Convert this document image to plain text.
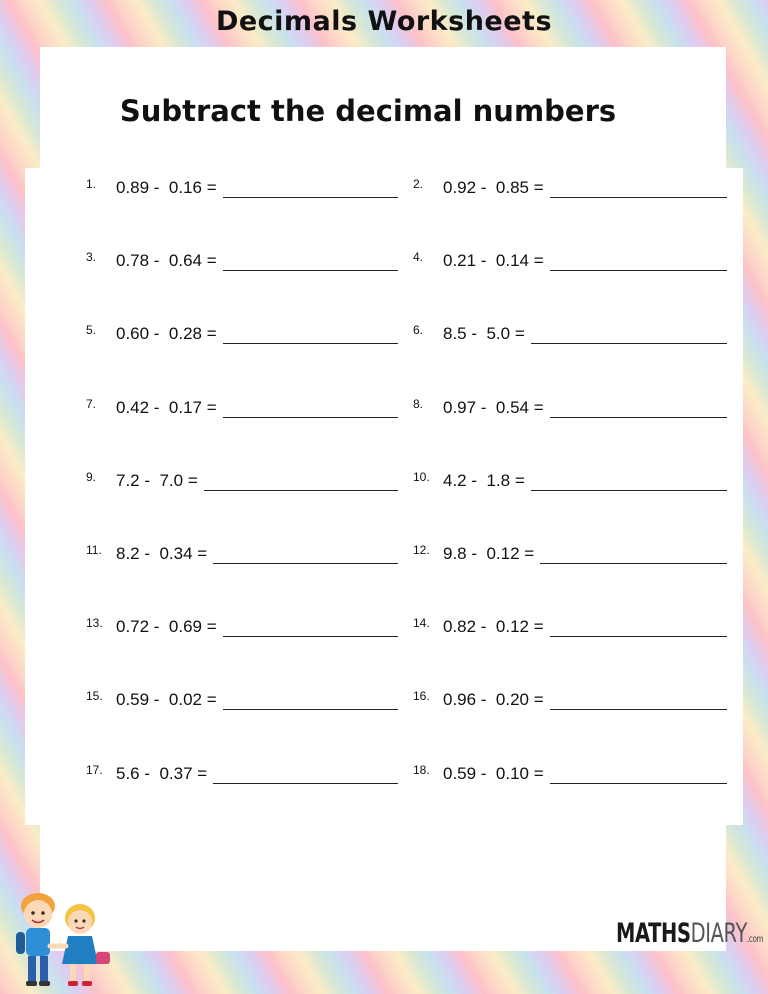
Decimals Worksheets
Subtract the decimal numbers
1.	0.89 -  0.16 =	2.	0.92 -  0.85 =
3.	0.78 -  0.64 =	4.	0.21 -  0.14 =
5.	0.60 -  0.28 =	6.	8.5 -  5.0 =
7.	0.42 -  0.17 =	8.	0.97 -  0.54 =
9.	7.2 -  7.0 =	10. 4.2 -  1.8 =
11. 8.2 -  0.34 =	12. 9.8 -  0.12 =
13. 0.72 -  0.69 =	14. 0.82 -  0.12 =
15. 0.59 -  0.02 =	16. 0.96 -  0.20 =
17. 5.6 -  0.37 =	18. 0.59 -  0.10 =
MATHSDIARY.com
